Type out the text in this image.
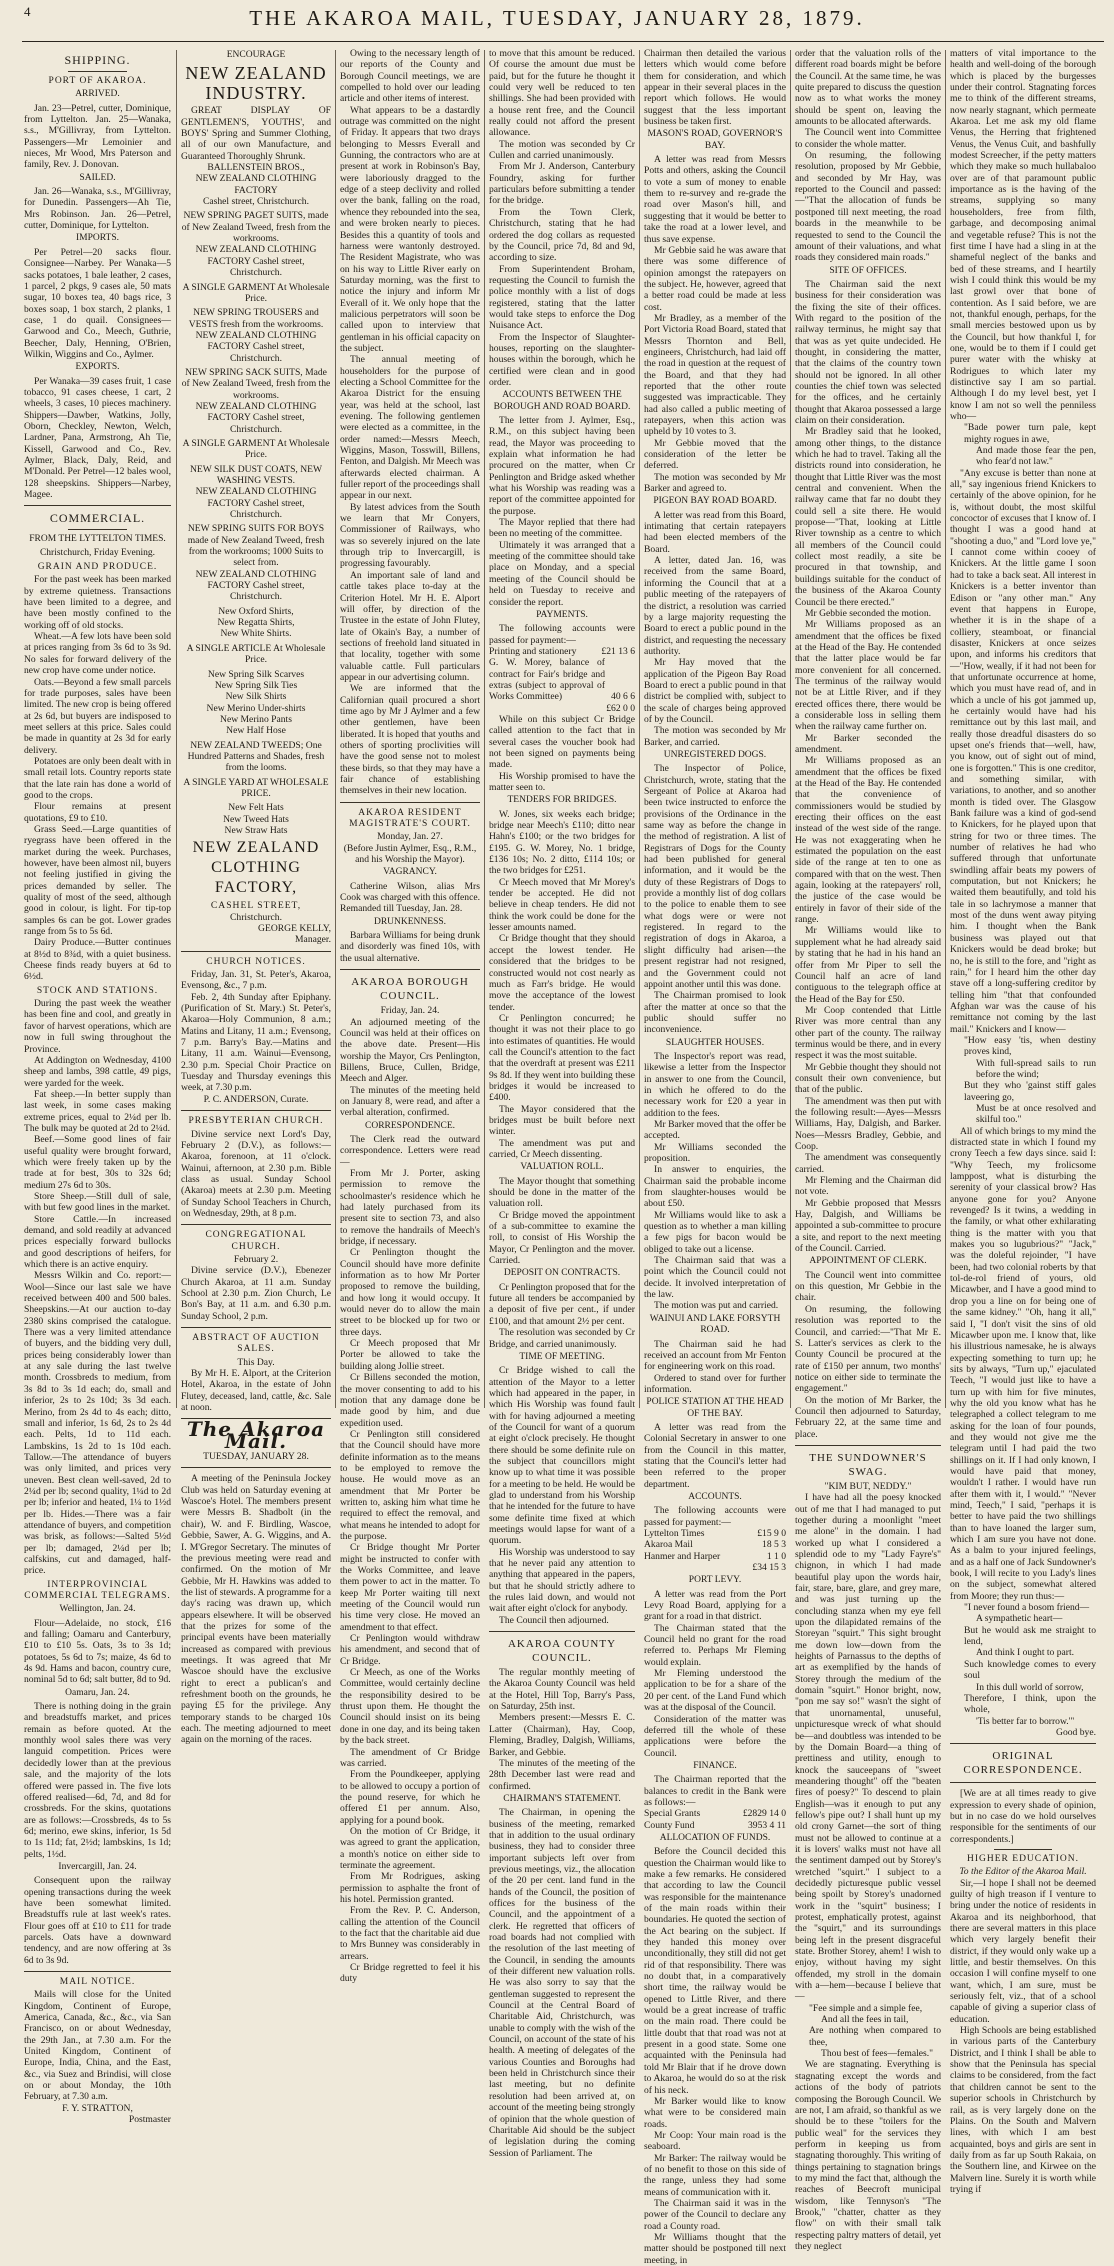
4	THE AKAROA MAIL, TUESDAY, JANUARY 28, 1879.
SHIPPING.
PORT OF AKAROA.
ARRIVED.

Jan. 23—Petrel, cutter, Dominique, from Lyttelton. Jan. 25—Wanaka, s.s., M'Gillivray, from Lyttelton. Passengers—Mr Lemoinier and nieces, Mr Wood, Mrs Paterson and family, Rev. J. Donovan.

SAILED.

Jan. 26—Wanaka, s.s., M'Gillivray, for Dunedin. Passengers—Ah Tie, Mrs Robinson. Jan. 26—Petrel, cutter, Dominique, for Lyttelton.

IMPORTS.

Per Petrel—20 sacks flour. Consignee—Narbey. Per Wanaka—5 sacks potatoes, 1 bale leather, 2 cases, 1 parcel, 2 pkgs, 9 cases ale, 50 mats sugar, 10 boxes tea, 40 bags rice, 3 boxes soap, 1 box starch, 2 planks, 1 case, 1 do quail. Consignees—Garwood and Co., Meech, Guthrie, Beecher, Daly, Henning, O'Brien, Wilkin, Wiggins and Co., Aylmer.

EXPORTS.

Per Wanaka—39 cases fruit, 1 case tobacco, 91 cases cheese, 1 cart, 2 wheels, 3 cases, 10 pieces machinery. Shippers—Dawber, Watkins, Jolly, Oborn, Checkley, Newton, Welch, Lardner, Pana, Armstrong, Ah Tie, Kissell, Garwood and Co., Rev. Aylmer, Black, Daly, Reid, and M'Donald. Per Petrel—12 bales wool, 128 sheepskins. Shippers—Narbey, Magee.

COMMERCIAL.
FROM THE LYTTELTON TIMES.
Christchurch, Friday Evening.
GRAIN AND PRODUCE.

For the past week has been marked by extreme quietness. Transactions have been limited to a degree, and have been mostly confined to the working off of old stocks.

Wheat.—A few lots have been sold at prices ranging from 3s 6d to 3s 9d. No sales for forward delivery of the new crop have come under notice.

Oats.—Beyond a few small parcels for trade purposes, sales have been limited. The new crop is being offered at 2s 6d, but buyers are indisposed to meet sellers at this price. Sales could be made in quantity at 2s 3d for early delivery.

Potatoes are only been dealt with in small retail lots. Country reports state that the late rain has done a world of good to the crops.

Flour remains at present quotations, £9 to £10.

Grass Seed.—Large quantities of ryegrass have been offered in the market during the week. Purchases, however, have been almost nil, buyers not feeling justified in giving the prices demanded by seller. The quality of most of the seed, although good in colour, is light. For tip-top samples 6s can be got. Lower grades range from 5s to 5s 6d.

Dairy Produce.—Butter continues at 8½d to 8¾d, with a quiet business. Cheese finds ready buyers at 6d to 6½d.

STOCK AND STATIONS.

During the past week the weather has been fine and cool, and greatly in favor of harvest operations, which are now in full swing throughout the Province.

At Addington on Wednesday, 4100 sheep and lambs, 398 cattle, 49 pigs, were yarded for the week.

Fat sheep.—In better supply than last week, in some cases making extreme prices, equal to 2¼d per lb. The bulk may be quoted at 2d to 2¼d.

Beef.—Some good lines of fair useful quality were brought forward, which were freely taken up by the trade at for best, 30s to 32s 6d; medium 27s 6d to 30s.

Store Sheep.—Still dull of sale, with but few good lines in the market.

Store Cattle.—In increased demand, and sold readily at advanced prices especially forward bullocks and good descriptions of heifers, for which there is an active enquiry.

Messrs Wilkin and Co. report:—Wool—Since our last sale we have received between 400 and 500 bales. Sheepskins.—At our auction to-day 2380 skins comprised the catalogue. There was a very limited attendance of buyers, and the bidding very dull, prices being considerably lower than at any sale during the last twelve month. Crossbreds to medium, from 3s 8d to 3s 1d each; do, small and inferior, 2s to 2s 10d; 3s 3d each. Merino, from 2s 4d to 4s each; ditto, small and inferior, 1s 6d, 2s to 2s 4d each. Pelts, 1d to 11d each. Lambskins, 1s 2d to 1s 10d each. Tallow.—The attendance of buyers was only limited, and prices very uneven. Best clean well-saved, 2d to 2¼d per lb; second quality, 1¼d to 2d per lb; inferior and heated, 1¼ to 1½d per lb. Hides.—There was a fair attendance of buyers, and competition was brisk, as follows:—Salted 5½d per lb; damaged, 2¼d per lb; calfskins, cut and damaged, half-price.

INTERPROVINCIAL COMMERCIAL TELEGRAMS.
Wellington, Jan. 24.

Flour—Adelaide, no stock, £16 and falling; Oamaru and Canterbury, £10 to £10 5s. Oats, 3s to 3s 1d; potatoes, 5s 6d to 7s; maize, 4s 6d to 4s 9d. Hams and bacon, country cure, nominal 5d to 6d; salt butter, 8d to 9d.

Oamaru, Jan. 24.

There is nothing doing in the grain and breadstuffs market, and prices remain as before quoted. At the monthly wool sales there was very languid competition. Prices were decidedly lower than at the previous sale, and the majority of the lots offered were passed in. The five lots offered realised—6d, 7d, and 8d for crossbreds. For the skins, quotations are as follows:—Crossbreds, 4s to 5s 6d; merino, ewe skins, inferior, 1s 5d to 1s 11d; fat, 2½d; lambskins, 1s 1d; pelts, 1½d.

Invercargill, Jan. 24.

Consequent upon the railway opening transactions during the week have been somewhat limited. Breadstuffs rule at last week's rates. Flour goes off at £10 to £11 for trade parcels. Oats have a downward tendency, and are now offering at 3s 6d to 3s 9d.

MAIL NOTICE.

Mails will close for the United Kingdom, Continent of Europe, America, Canada, &c., &c., via San Francisco, on or about Wednesday, the 29th Jan., at 7.30 a.m. For the United Kingdom, Continent of Europe, India, China, and the East, &c., via Suez and Brindisi, will close on or about Monday, the 10th February, at 7.30 a.m.

F. Y. STRATTON,
Postmaster
ENCOURAGE
NEW ZEALAND INDUSTRY.

GREAT DISPLAY OF GENTLEMEN'S, YOUTHS', and BOYS' Spring and Summer Clothing, all of our own Manufacture, and Guaranteed Thoroughly Shrunk.

BALLENSTEIN BROS.,
NEW ZEALAND CLOTHING FACTORY
Cashel street, Christchurch.
NEW SPRING PAGET SUITS, made of New Zealand Tweed, fresh from the workrooms.
NEW ZEALAND CLOTHING FACTORY Cashel street, Christchurch.
A SINGLE GARMENT At Wholesale Price.
NEW SPRING TROUSERS and VESTS fresh from the workrooms.
NEW ZEALAND CLOTHING FACTORY Cashel street, Christchurch.
NEW SPRING SACK SUITS, Made of New Zealand Tweed, fresh from the workrooms.
NEW ZEALAND CLOTHING FACTORY Cashel street, Christchurch.
A SINGLE GARMENT At Wholesale Price.
NEW SILK DUST COATS, NEW WASHING VESTS.
NEW ZEALAND CLOTHING FACTORY Cashel street, Christchurch.
NEW SPRING SUITS FOR BOYS made of New Zealand Tweed, fresh from the workrooms; 1000 Suits to select from.
NEW ZEALAND CLOTHING FACTORY Cashel street, Christchurch.
New Oxford Shirts,
New Regatta Shirts,
New White Shirts.
A SINGLE ARTICLE At Wholesale Price.
New Spring Silk Scarves
New Spring Silk Ties
New Silk Shirts
New Merino Under-shirts
New Merino Pants
New Half Hose
NEW ZEALAND TWEEDS; One Hundred Patterns and Shades, fresh from the looms.
A SINGLE YARD AT WHOLESALE PRICE.
New Felt Hats
New Tweed Hats
New Straw Hats
NEW ZEALAND CLOTHING FACTORY,
CASHEL STREET,
Christchurch.
GEORGE KELLY,
Manager.
CHURCH NOTICES.

Friday, Jan. 31, St. Peter's, Akaroa, Evensong, &c., 7 p.m.

Feb. 2, 4th Sunday after Epiphany. (Purification of St. Mary.) St. Peter's, Akaroa—Holy Communion, 8 a.m.; Matins and Litany, 11 a.m.; Evensong, 7 p.m. Barry's Bay.—Matins and Litany, 11 a.m. Wainui—Evensong, 2.30 p.m. Special Choir Practice on Tuesday and Thursday evenings this week, at 7.30 p.m.

P. C. ANDERSON, Curate.
PRESBYTERIAN CHURCH.

Divine service next Lord's Day, February 2 (D.V.), as follows:—Akaroa, forenoon, at 11 o'clock. Wainui, afternoon, at 2.30 p.m. Bible class as usual. Sunday School (Akaroa) meets at 2.30 p.m. Meeting of Sunday School Teachers in Church, on Wednesday, 29th, at 8 p.m.

CONGREGATIONAL CHURCH.
February 2.

Divine service (D.V.), Ebenezer Church Akaroa, at 11 a.m. Sunday School at 2.30 p.m. Zion Church, Le Bon's Bay, at 11 a.m. and 6.30 p.m. Sunday School, 2 p.m.

ABSTRACT OF AUCTION SALES.
This Day.

By Mr H. E. Alport, at the Criterion Hotel, Akaroa, in the estate of John Flutey, deceased, land, cattle, &c. Sale at noon.

The Akaroa Mail.
TUESDAY, JANUARY 28.

A meeting of the Peninsula Jockey Club was held on Saturday evening at Wascoe's Hotel. The members present were Messrs B. Shadbolt (in the chair), W. and F. Birdling, Wascoe, Gebbie, Sawer, A. G. Wiggins, and A. I. M'Gregor Secretary. The minutes of the previous meeting were read and confirmed. On the motion of Mr Gebbie, Mr H. Hawkins was added to the list of stewards. A programme for a day's racing was drawn up, which appears elsewhere. It will be observed that the prizes for some of the principal events have been materially increased as compared with previous meetings. It was agreed that Mr Wascoe should have the exclusive right to erect a publican's and refreshment booth on the grounds, he paying £5 for the privilege. Any temporary stands to be charged 10s each. The meeting adjourned to meet again on the morning of the races.

Owing to the necessary length of our reports of the County and Borough Council meetings, we are compelled to hold over our leading article and other items of interest.

What appears to be a dastardly outrage was committed on the night of Friday. It appears that two drays belonging to Messrs Everall and Gunning, the contractors who are at present at work in Robinson's Bay, were laboriously dragged to the edge of a steep declivity and rolled over the bank, falling on the road, whence they rebounded into the sea, and were broken nearly to pieces. Besides this a quantity of tools and harness were wantonly destroyed. The Resident Magistrate, who was on his way to Little River early on Saturday morning, was the first to notice the injury and inform Mr Everall of it. We only hope that the malicious perpetrators will soon be called upon to interview that gentleman in his official capacity on the subject.

The annual meeting of householders for the purpose of electing a School Committee for the Akaroa District for the ensuing year, was held at the school, last evening. The following gentlemen were elected as a committee, in the order named:—Messrs Meech, Wiggins, Mason, Tosswill, Billens, Fenton, and Dalgish. Mr Meech was afterwards elected chairman. A fuller report of the proceedings shall appear in our next.

By latest advices from the South we learn that Mr Conyers, Commissioner of Railways, who was so severely injured on the late through trip to Invercargill, is progressing favourably.

An important sale of land and cattle takes place to-day at the Criterion Hotel. Mr H. E. Alport will offer, by direction of the Trustee in the estate of John Flutey, late of Okain's Bay, a number of sections of freehold land situated in that locality, together with some valuable cattle. Full particulars appear in our advertising column.

We are informed that the Californian quail procured a short time ago by Mr J Aylmer and a few other gentlemen, have been liberated. It is hoped that youths and others of sporting proclivities will have the good sense not to molest these birds, so that they may have a fair chance of establishing themselves in their new location.

AKAROA RESIDENT MAGISTRATE'S COURT.
Monday, Jan. 27.
(Before Justin Aylmer, Esq., R.M., and his Worship the Mayor).
VAGRANCY.

Catherine Wilson, alias Mrs Cook was charged with this offence. Remanded till Tuesday, Jan. 28.

DRUNKENNESS.

Barbara Williams for being drunk and disorderly was fined 10s, with the usual alternative.

AKAROA BOROUGH COUNCIL.
Friday, Jan. 24.

An adjourned meeting of the Council was held at their offices on the above date. Present—His worship the Mayor, Crs Penlington, Billens, Bruce, Cullen, Bridge, Meech and Alger.

The minutes of the meeting held on January 8, were read, and after a verbal alteration, confirmed.

CORRESPONDENCE.

The Clerk read the outward correspondence. Letters were read—

From Mr J. Porter, asking permission to remove the schoolmaster's residence which he had lately purchased from its present site to section 73, and also to remove the handrails of Meech's bridge, if necessary.

Cr Penlington thought the Council should have more definite information as to how Mr Porter proposed to remove the building, and how long it would occupy. It would never do to allow the main street to be blocked up for two or three days.

Cr Meech proposed that Mr Porter be allowed to take the building along Jollie street.

Cr Billens seconded the motion, the mover consenting to add to his motion that any damage done be made good by him, and due expedition used.

Cr Penlington still considered that the Council should have more definite information as to the means to be employed to remove the house. He would move as an amendment that Mr Porter be written to, asking him what time he required to effect the removal, and what means he intended to adopt for the purpose.

Cr Bridge thought Mr Porter might be instructed to confer with the Works Committee, and leave them power to act in the matter. To keep Mr Porter waiting till next meeting of the Council would run his time very close. He moved an amendment to that effect.

Cr Penlington would withdraw his amendment, and second that of Cr Bridge.

Cr Meech, as one of the Works Committee, would certainly decline the responsibility desired to be thrust upon them. He thought the Council should insist on its being done in one day, and its being taken by the back street.

The amendment of Cr Bridge was carried.

From the Poundkeeper, applying to be allowed to occupy a portion of the pound reserve, for which he offered £1 per annum. Also, applying for a pound book.

On the motion of Cr Bridge, it was agreed to grant the application, a month's notice on either side to terminate the agreement.

From Mr Rodrigues, asking permission to asphalte the front of his hotel. Permission granted.

From the Rev. P. C. Anderson, calling the attention of the Council to the fact that the charitable aid due to Mrs Bunney was considerably in arrears.

Cr Bridge regretted to feel it his duty

to move that this amount be reduced. Of course the amount due must be paid, but for the future he thought it could very well be reduced to ten shillings. She had been provided with a house rent free, and the Council really could not afford the present allowance.

The motion was seconded by Cr Cullen and carried unanimously.

From Mr J. Anderson, Canterbury Foundry, asking for further particulars before submitting a tender for the bridge.

From the Town Clerk, Christchurch, stating that he had ordered the dog collars as requested by the Council, price 7d, 8d and 9d, according to size.

From Superintendent Broham, requesting the Council to furnish the police monthly with a list of dogs registered, stating that the latter would take steps to enforce the Dog Nuisance Act.

From the Inspector of Slaughter-houses, reporting on the slaughter-houses within the borough, which he certified were clean and in good order.

ACCOUNTS BETWEEN THE BOROUGH AND ROAD BOARD.

The letter from J. Aylmer, Esq., R.M., on this subject having been read, the Mayor was proceeding to explain what information he had procured on the matter, when Cr Penlington and Bridge asked whether what his Worship was reading was a report of the committee appointed for the purpose.

The Mayor replied that there had been no meeting of the committee.

Ultimately it was arranged that a meeting of the committee should take place on Monday, and a special meeting of the Council should be held on Tuesday to receive and consider the report.

PAYMENTS.

The following accounts were passed for payment:—

Printing and stationery	£21 13 6
G. W. Morey, balance of contract for Fair's bridge and extras (subject to approval of Works Committee)	40 6 6
£62 0 0

While on this subject Cr Bridge called attention to the fact that in several cases the voucher book had not been signed on payments being made.

His Worship promised to have the matter seen to.

TENDERS FOR BRIDGES.

W. Jones, six weeks each bridge; bridge near Meech's £110; ditto near Hahn's £100; or the two bridges for £195. G. W. Morey, No. 1 bridge, £136 10s; No. 2 ditto, £114 10s; or the two bridges for £251.

Cr Meech moved that Mr Morey's tender be accepted. He did not believe in cheap tenders. He did not think the work could be done for the lesser amounts named.

Cr Bridge thought that they should accept the lowest tender. He considered that the bridges to be constructed would not cost nearly as much as Farr's bridge. He would move the acceptance of the lowest tender.

Cr Penlington concurred; he thought it was not their place to go into estimates of quantities. He would call the Council's attention to the fact that the overdraft at present was £211 9s 8d. If they went into building these bridges it would be increased to £400.

The Mayor considered that the bridges must be built before next winter.

The amendment was put and carried, Cr Meech dissenting.

VALUATION ROLL.

The Mayor thought that something should be done in the matter of the valuation roll.

Cr Bridge moved the appointment of a sub-committee to examine the roll, to consist of His Worship the Mayor, Cr Penlington and the mover. Carried.

DEPOSIT ON CONTRACTS.

Cr Penlington proposed that for the future all tenders be accompanied by a deposit of five per cent., if under £100, and that amount 2½ per cent.

The resolution was seconded by Cr Bridge, and carried unanimously.

TIME OF MEETING.

Cr Bridge wished to call the attention of the Mayor to a letter which had appeared in the paper, in which His Worship was found fault with for having adjourned a meeting of the Council for want of a quorum at eight o'clock precisely. He thought there should be some definite rule on the subject that councillors might know up to what time it was possible for a meeting to be held. He would be glad to understand from his Worship that he intended for the future to have some definite time fixed at which meetings would lapse for want of a quorum.

His Worship was understood to say that he never paid any attention to anything that appeared in the papers, but that he should strictly adhere to the rules laid down, and would not wait after eight o'clock for anybody.

The Council then adjourned.

AKAROA COUNTY COUNCIL.

The regular monthly meeting of the Akaroa County Council was held at the Hotel, Hill Top, Barry's Pass, on Saturday, 25th inst.

Members present:—Messrs E. C. Latter (Chairman), Hay, Coop, Fleming, Bradley, Dalgish, Williams, Barker, and Gebbie.

The minutes of the meeting of the 28th December last were read and confirmed.

CHAIRMAN'S STATEMENT.

The Chairman, in opening the business of the meeting, remarked that in addition to the usual ordinary business, they had to consider three important subjects left over from previous meetings, viz., the allocation of the 20 per cent. land fund in the hands of the Council, the position of offices for the business of the Council, and the appointment of a clerk. He regretted that officers of road boards had not complied with the resolution of the last meeting of the Council, in sending the amounts of their different new valuation rolls. He was also sorry to say that the gentleman suggested to represent the Council at the Central Board of Charitable Aid, Christchurch, was unable to comply with the wish of the Council, on account of the state of his health. A meeting of delegates of the various Counties and Boroughs had been held in Christchurch since their last meeting, but no definite resolution had been arrived at, on account of the meeting being strongly of opinion that the whole question of Charitable Aid should be the subject of legislation during the coming Session of Parliament. The

Chairman then detailed the various letters which would come before them for consideration, and which appear in their several places in the report which follows. He would suggest that the less important business be taken first.

MASON'S ROAD, GOVERNOR'S BAY.

A letter was read from Messrs Potts and others, asking the Council to vote a sum of money to enable them to re-survey and re-grade the road over Mason's hill, and suggesting that it would be better to take the road at a lower level, and thus save expense.

Mr Gebbie said he was aware that there was some difference of opinion amongst the ratepayers on the subject. He, however, agreed that a better road could be made at less cost.

Mr Bradley, as a member of the Port Victoria Road Board, stated that Messrs Thornton and Bell, engineers, Christchurch, had laid off the road in question at the request of the Board, and that they had reported that the other route suggested was impracticable. They had also called a public meeting of ratepayers, when this action was upheld by 10 votes to 3.

Mr Gebbie moved that the consideration of the letter be deferred.

The motion was seconded by Mr Barker and agreed to.

PIGEON BAY ROAD BOARD.

A letter was read from this Board, intimating that certain ratepayers had been elected members of the Board.

A letter, dated Jan. 16, was received from the same Board, informing the Council that at a public meeting of the ratepayers of the district, a resolution was carried by a large majority requesting the Board to erect a public pound in the district, and requesting the necessary authority.

Mr Hay moved that the application of the Pigeon Bay Road Board to erect a public pound in that district be complied with, subject to the scale of charges being approved of by the Council.

The motion was seconded by Mr Barker, and carried.

UNREGISTERED DOGS.

The Inspector of Police, Christchurch, wrote, stating that the Sergeant of Police at Akaroa had been twice instructed to enforce the provisions of the Ordinance in the same way as before the change in the method of registration. A list of Registrars of Dogs for the County had been published for general information, and it would be the duty of these Registrars of Dogs to provide a monthly list of dog collars to the police to enable them to see what dogs were or were not registered. In regard to the registration of dogs in Akaroa, a slight difficulty had arisen—the present registrar had not resigned, and the Government could not appoint another until this was done.

The Chairman promised to look after the matter at once so that the public should suffer no inconvenience.

SLAUGHTER HOUSES.

The Inspector's report was read, likewise a letter from the Inspector in answer to one from the Council, in which he offered to do the necessary work for £20 a year in addition to the fees.

Mr Barker moved that the offer be accepted.

Mr Williams seconded the proposition.

In answer to enquiries, the Chairman said the probable income from slaughter-houses would be about £50.

Mr Williams would like to ask a question as to whether a man killing a few pigs for bacon would be obliged to take out a license.

The Chairman said that was a point which the Council could not decide. It involved interpretation of the law.

The motion was put and carried.

WAINUI AND LAKE FORSYTH ROAD.

The Chairman said he had received an account from Mr Fenton for engineering work on this road.

Ordered to stand over for further information.

POLICE STATION AT THE HEAD OF THE BAY.

A letter was read from the Colonial Secretary in answer to one from the Council in this matter, stating that the Council's letter had been referred to the proper department.

ACCOUNTS.

The following accounts were passed for payment:—

Lyttelton Times	£15 9 0
Akaroa Mail	18 5 3
Hanmer and Harper	1 1 0
£34 15 3
PORT LEVY.

A letter was read from the Port Levy Road Board, applying for a grant for a road in that district.

The Chairman stated that the Council held no grant for the road referred to. Perhaps Mr Fleming would explain.

Mr Fleming understood the application to be for a share of the 20 per cent. of the Land Fund which was at the disposal of the Council.

Consideration of the matter was deferred till the whole of these applications were before the Council.

FINANCE.

The Chairman reported that the balances to credit in the Bank were as follows:—

Special Grants	£2829 14 0
County Fund	3953 4 11
ALLOCATION OF FUNDS.

Before the Council decided this question the Chairman would like to make a few remarks. He considered that according to law the Council was responsible for the maintenance of the main roads within their boundaries. He quoted the section of the Act bearing on the subject. If they handed this money over unconditionally, they still did not get rid of that responsibility. There was no doubt that, in a comparatively short time, the railway would be opened to Little River, and there would be a great increase of traffic on the main road. There could be little doubt that that road was not at present in a good state. Some one acquainted with the Peninsula had told Mr Blair that if he drove down to Akaroa, he would do so at the risk of his neck.

Mr Barker would like to know what were to be considered main roads.

Mr Coop: Your main road is the seaboard.

Mr Barker: The railway would be of no benefit to those on this side of the range, unless they had some means of communication with it.

The Chairman said it was in the power of the Council to declare any road a County road.

Mr Williams thought that the matter should be postponed till next meeting, in

order that the valuation rolls of the different road boards might be before the Council. At the same time, he was quite prepared to discuss the question now as to what works the money should be spent on, leaving the amounts to be allocated afterwards.

The Council went into Committee to consider the whole matter.

On resuming, the following resolution, proposed by Mr Gebbie, and seconded by Mr Hay, was reported to the Council and passed:—"That the allocation of funds be postponed till next meeting, the road boards in the meanwhile to be requested to send to the Council the amount of their valuations, and what roads they considered main roads."

SITE OF OFFICES.

The Chairman said the next business for their consideration was the fixing the site of their offices. With regard to the position of the railway terminus, he might say that that was as yet quite undecided. He thought, in considering the matter, that the claims of the country town should not be ignored. In all other counties the chief town was selected for the offices, and he certainly thought that Akaroa possessed a large claim on their consideration.

Mr Bradley said that he looked, among other things, to the distance which he had to travel. Taking all the districts round into consideration, he thought that Little River was the most central and convenient. When the railway came that far no doubt they could sell a site there. He would propose—"That, looking at Little River township as a centre to which all members of the Council could collect most readily, a site be procured in that township, and buildings suitable for the conduct of the business of the Akaroa County Council be there erected."

Mr Gebbie seconded the motion.

Mr Williams proposed as an amendment that the offices be fixed at the Head of the Bay. He contended that the latter place would be far more convenient for all concerned. The terminus of the railway would not be at Little River, and if they erected offices there, there would be a considerable loss in selling them when the railway came further on.

Mr Barker seconded the amendment.

Mr Williams proposed as an amendment that the offices be fixed at the Head of the Bay. He contended that the convenience of commissioners would be studied by erecting their offices on the east instead of the west side of the range. He was not exaggerating when he estimated the population on the east side of the range at ten to one as compared with that on the west. Then again, looking at the ratepayers' roll, the justice of the case would be entirely in favor of their side of the range.

Mr Williams would like to supplement what he had already said by stating that he had in his hand an offer from Mr Piper to sell the Council half an acre of land contiguous to the telegraph office at the Head of the Bay for £50.

Mr Coop contended that Little River was more central than any other part of the county. The railway terminus would be there, and in every respect it was the most suitable.

Mr Gebbie thought they should not consult their own convenience, but that of the public.

The amendment was then put with the following result:—Ayes—Messrs Williams, Hay, Dalgish, and Barker. Noes—Messrs Bradley, Gebbie, and Coop.

The amendment was consequently carried.

Mr Fleming and the Chairman did not vote.

Mr Gebbie proposed that Messrs Hay, Dalgish, and Williams be appointed a sub-committee to procure a site, and report to the next meeting of the Council. Carried.

APPOINTMENT OF CLERK.

The Council went into committee on this question, Mr Gebbie in the chair.

On resuming, the following resolution was reported to the Council, and carried:—"That Mr E. S. Latter's services as clerk to the County Council be procured at the rate of £150 per annum, two months' notice on either side to terminate the engagement."

On the motion of Mr Barker, the Council then adjourned to Saturday, February 22, at the same time and place.

THE SUNDOWNER'S SWAG.
"KIM BUT, NEDDY."

I have had all the poesy knocked out of me that I had managed to put together during a moonlight "meet me alone" in the domain. I had worked up what I considered a splendid ode to my "Lady Fayre's" chignon, in which I had made beautiful play upon the words hair, fair, stare, bare, glare, and grey mare, and was just turning up the concluding stanza when my eye fell upon the dilapidated remains of the Storeyan "squirt." This sight brought me down low—down from the heights of Parnassus to the depths of art as exemplified by the hands of Storey through the medium of the domain "squirt." Honor bright, now, "pon me say so!" wasn't the sight of that unornamental, unuseful, unpicturesque wreck of what should be—and doubtless was intended to be by the Domain Board—a thing of prettiness and utility, enough to knock the sauceepans of "sweet meandering thought" off the "beaten fires of poesy?" To descend to plain English—was it enough to put any fellow's pipe out? I shall hunt up my old crony Garnet—the sort of thing must not be allowed to continue at a it is lovers' walks must not have all the sentiment damped out by Storey's wretched "squirt." I subject to a decidedly picturesque public vessel being spoilt by Storey's unadorned work in the "squirt" business; I protest, emphatically protest, against the "squirt," and its surroundings being left in the present disgraceful state. Brother Storey, ahem! I wish to enjoy, without having my sight offended, my stroll in the domain with a—hem—because I believe that—

"Fee simple and a simple fee,
And all the fees in tail,
Are nothing when compared to thee,
Thou best of fees—females."

We are stagnating. Everything is stagnating except the words and actions of the body of patriots composing the Borough Council. We are not, I am afraid, so thankful as we should be to these "toilers for the public weal" for the services they perform in keeping us from stagnating thoroughly. This writing of things pertaining to stagnation brings to my mind the fact that, although the reaches of Beecroft municipal wisdom, like Tennyson's "The Brook," "chatter, chatter as they flow" on with their small talk respecting paltry matters of detail, yet they neglect

matters of vital importance to the health and well-doing of the borough which is placed by the burgesses under their control. Stagnating forces me to think of the different streams, now nearly stagnant, which permeate Akaroa. Let me ask my old flame Venus, the Herring that frightened Venus, the Venus Cuit, and bashfully modest Screecher, if the petty matters which they make so much hullabaloo over are of that paramount public importance as is the having of the streams, supplying so many householders, free from filth, garbage, and decomposing animal and vegetable refuse? This is not the first time I have had a sling in at the shameful neglect of the banks and bed of these streams, and I heartily wish I could think this would be my last growl over that bone of contention. As I said before, we are not, thankful enough, perhaps, for the small mercies bestowed upon us by the Council, but how thankful I, for one, would be to them if I could get purer water with the whisky at Rodrigues to which later my distinctive say I am so partial. Although I do my level best, yet I know I am not so well the penniless who—

"Bade power turn pale, kept mighty rogues in awe,
And made those fear the pen, who fear'd not law."

"Any excuse is better than none at all," say ingenious friend Knickers to certainly of the above opinion, for he is, without doubt, the most skilful concoctor of excuses that I know of. I thought I was a good hand at "shooting a duo," and "Lord love ye," I cannot come within cooey of Knickers. At the little game I soon had to take a back seat. All interest in Knickers is a better inventor than Edison or "any other man." Any event that happens in Europe, whether it is in the shape of a colliery, steamboat, or financial disaster, Knickers at once seizes upon, and informs his creditors that—"How, weally, if it had not been for that unfortunate occurrence at home, which you must have read of, and in which a uncle of his got jammed up, he certainly would have had his remittance out by this last mail, and really those dreadful disasters do so upset one's friends that—well, haw, you know, out of sight out of mind, one is forgotten." This is one creditor, and something similar, with variations, to another, and so another month is tided over. The Glasgow Bank failure was a kind of god-send to Knickers, for he played upon that string for two or three times. The number of relatives he had who suffered through that unfortunate swindling affair beats my powers of computation, but not Knickers; he waited them beautifully, and told his tale in so lachrymose a manner that most of the duns went away pitying him. I thought when the Bank business was played out that Knickers would be dead broke; but no, he is still to the fore, and "right as rain," for I heard him the other day stave off a long-suffering creditor by telling him "that that confounded Afghan war was the cause of his remittance not coming by the last mail." Knickers and I know—

"How easy 'tis, when destiny proves kind,
With full-spread sails to run before the wind;
But they who 'gainst stiff gales laveering go,
Must be at once resolved and skilful too."

All of which brings to my mind the distracted state in which I found my crony Teech a few days since. said I: "Why Teech, my frolicsome lamppost, what is disturbing the serenity of your classical brow? Has anyone gone for you? Anyone revenged? Is it twins, a wedding in the family, or what other exhilarating thing is the matter with you that makes you so lugubrious?" "Jack," was the doleful rejoinder, "I have been, had two colonial roberts by that tol-de-rol friend of yours, old Micawber, and I have a good mind to drop you a line on for being one of the same kidney." "Oh, hang it all," said I, "I don't visit the sins of old Micawber upon me. I know that, like his illustrious namesake, he is always expecting something to turn up; he sits by always, "Turn up," ejaculated Teech, "I would just like to have a turn up with him for five minutes, why the old you know what has he telegraphed a collect telegram to me asking for the loan of four pounds, and they would not give me the telegram until I had paid the two shillings on it. If I had only known, I would have paid that money, wouldn't I rather. I would have run after them with it, I would." "Never mind, Teech," I said, "perhaps it is better to have paid the two shillings than to have loaned the larger sum, which I am sure you have not done. As a balm to your injured feelings, and as a half one of Jack Sundowner's book, I will recite to you Lady's lines on the subject, somewhat altered from Moore; they run thus:—

"I never found a bosom friend—
A sympathetic heart—
But he would ask me straight to lend,
And think I ought to part.
Such knowledge comes to every soul
In this dull world of sorrow,
Therefore, I think, upon the whole,
'Tis better far to borrow.'"
Good bye.
ORIGINAL CORRESPONDENCE.

[We are at all times ready to give expression to every shade of opinion, but in no case do we hold ourselves responsible for the sentiments of our correspondents.]

HIGHER EDUCATION.
To the Editor of the Akaroa Mail.

Sir,—I hope I shall not be deemed guilty of high treason if I venture to bring under the notice of residents in Akaroa and its neighborhood, that there are several matters in this place which very largely benefit their district, if they would only wake up a little, and bestir themselves. On this occasion I will confine myself to one want, which, I am sure, must be seriously felt, viz., that of a school capable of giving a superior class of education.

High Schools are being established in various parts of the Canterbury District, and I think I shall be able to show that the Peninsula has special claims to be considered, from the fact that children cannot be sent to the superior schools in Christchurch by rail, as is very largely done on the Plains. On the South and Malvern lines, with which I am best acquainted, boys and girls are sent in daily from as far up South Rakaia, on the Southern line, and Kirwee on the Malvern line. Surely it is worth while trying if
